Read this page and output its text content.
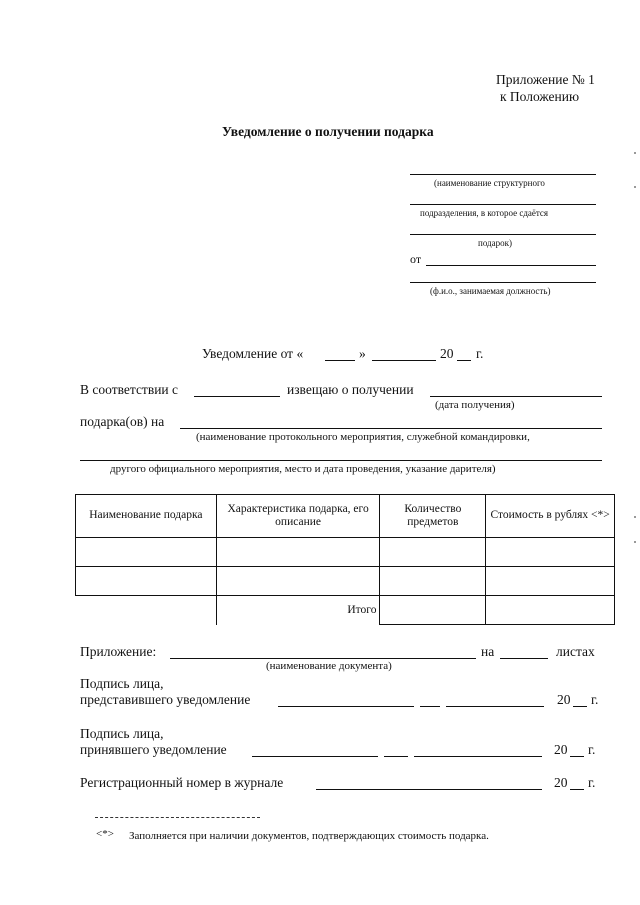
Приложение № 1
к Положению
Уведомление о получении подарка
(наименование структурного
подразделения, в которое сдаётся
подарок)
от
(ф.и.о., занимаемая должность)
Уведомление от «	»	20 г.
В соответствии с	извещаю о получении
(дата получения)
подарка(ов) на
(наименование протокольного мероприятия, служебной командировки,
другого официального мероприятия, место и дата проведения, указание дарителя)
Наименование подарка	Характеристика подарка, его описание	Количество предметов	Стоимость в рублях <*>

	Итого		
Приложение:	на	листах
(наименование документа)
Подпись лица,
представившего уведомление	20 г.
Подпись лица,
принявшего уведомление	20 г.
Регистрационный номер в журнале	20 г.
<*> Заполняется при наличии документов, подтверждающих стоимость подарка.
